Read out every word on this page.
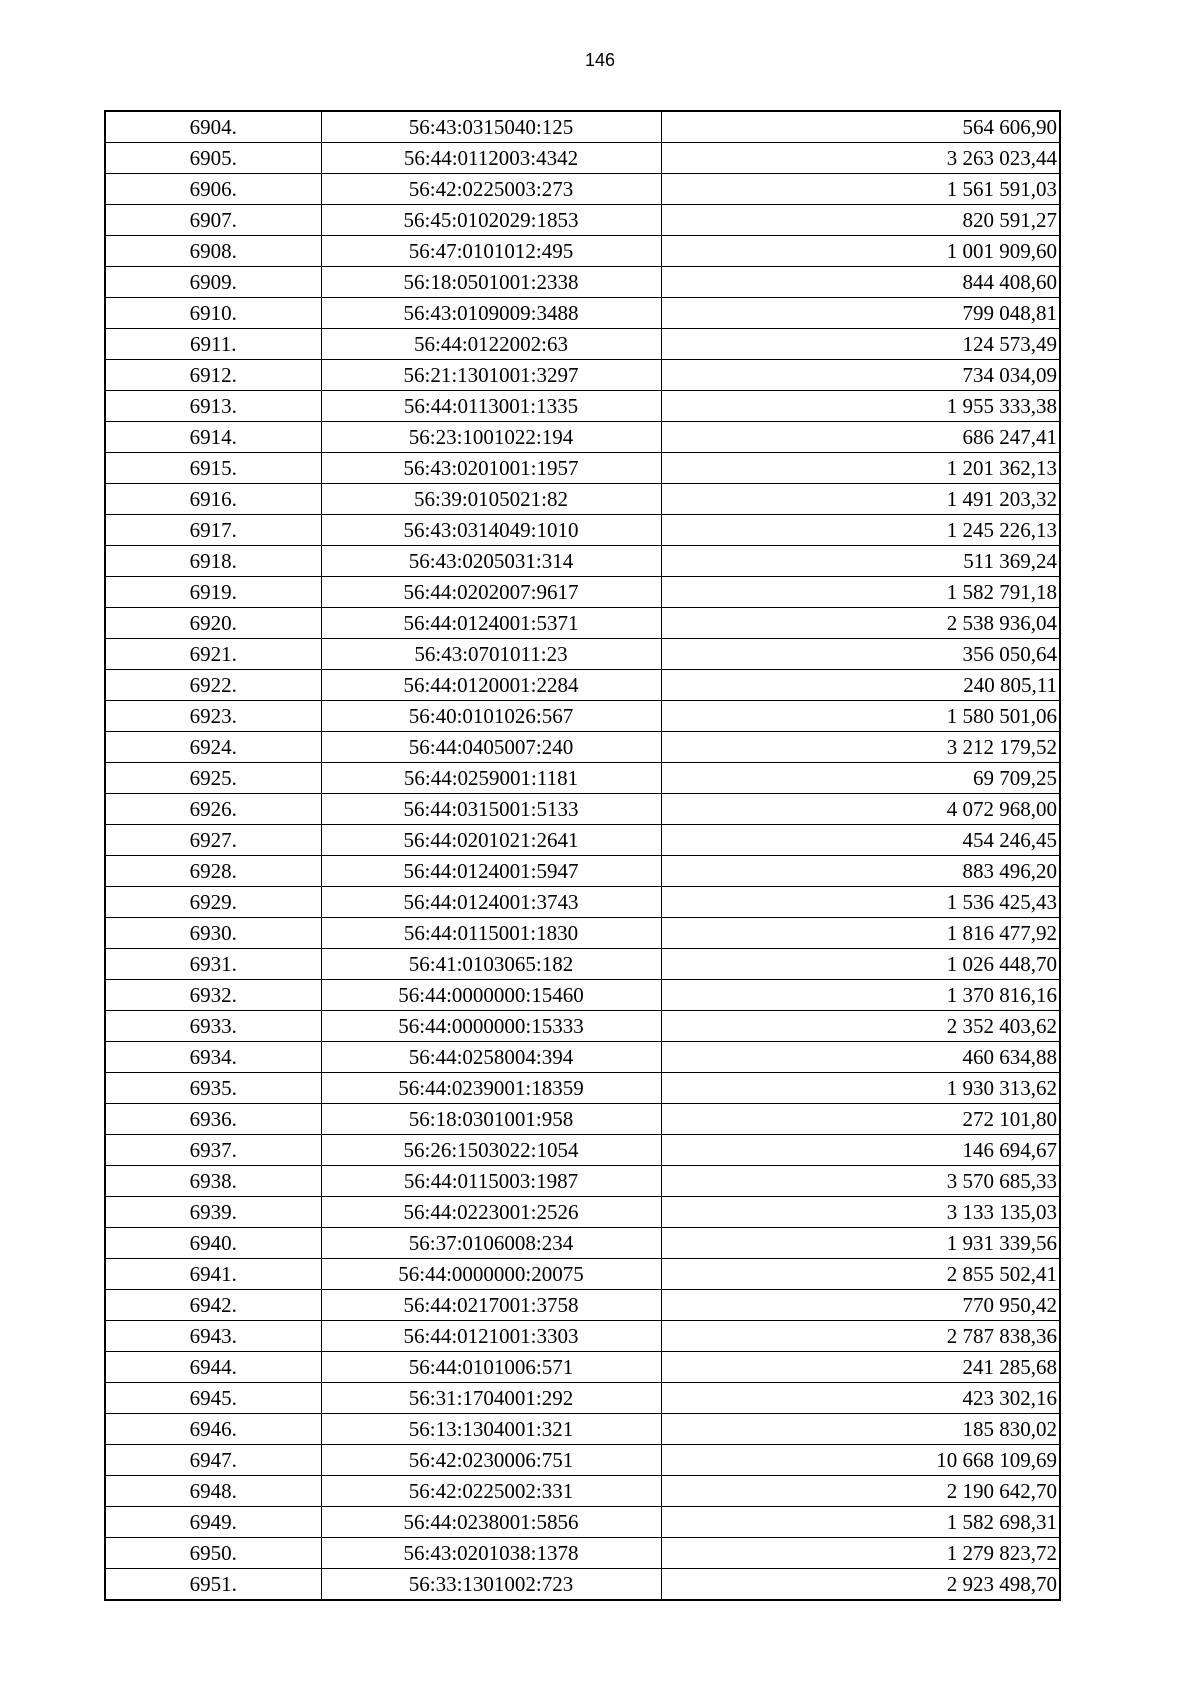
146
6904.	56:43:0315040:125	564 606,90
6905.	56:44:0112003:4342	3 263 023,44
6906.	56:42:0225003:273	1 561 591,03
6907.	56:45:0102029:1853	820 591,27
6908.	56:47:0101012:495	1 001 909,60
6909.	56:18:0501001:2338	844 408,60
6910.	56:43:0109009:3488	799 048,81
6911.	56:44:0122002:63	124 573,49
6912.	56:21:1301001:3297	734 034,09
6913.	56:44:0113001:1335	1 955 333,38
6914.	56:23:1001022:194	686 247,41
6915.	56:43:0201001:1957	1 201 362,13
6916.	56:39:0105021:82	1 491 203,32
6917.	56:43:0314049:1010	1 245 226,13
6918.	56:43:0205031:314	511 369,24
6919.	56:44:0202007:9617	1 582 791,18
6920.	56:44:0124001:5371	2 538 936,04
6921.	56:43:0701011:23	356 050,64
6922.	56:44:0120001:2284	240 805,11
6923.	56:40:0101026:567	1 580 501,06
6924.	56:44:0405007:240	3 212 179,52
6925.	56:44:0259001:1181	69 709,25
6926.	56:44:0315001:5133	4 072 968,00
6927.	56:44:0201021:2641	454 246,45
6928.	56:44:0124001:5947	883 496,20
6929.	56:44:0124001:3743	1 536 425,43
6930.	56:44:0115001:1830	1 816 477,92
6931.	56:41:0103065:182	1 026 448,70
6932.	56:44:0000000:15460	1 370 816,16
6933.	56:44:0000000:15333	2 352 403,62
6934.	56:44:0258004:394	460 634,88
6935.	56:44:0239001:18359	1 930 313,62
6936.	56:18:0301001:958	272 101,80
6937.	56:26:1503022:1054	146 694,67
6938.	56:44:0115003:1987	3 570 685,33
6939.	56:44:0223001:2526	3 133 135,03
6940.	56:37:0106008:234	1 931 339,56
6941.	56:44:0000000:20075	2 855 502,41
6942.	56:44:0217001:3758	770 950,42
6943.	56:44:0121001:3303	2 787 838,36
6944.	56:44:0101006:571	241 285,68
6945.	56:31:1704001:292	423 302,16
6946.	56:13:1304001:321	185 830,02
6947.	56:42:0230006:751	10 668 109,69
6948.	56:42:0225002:331	2 190 642,70
6949.	56:44:0238001:5856	1 582 698,31
6950.	56:43:0201038:1378	1 279 823,72
6951.	56:33:1301002:723	2 923 498,70
